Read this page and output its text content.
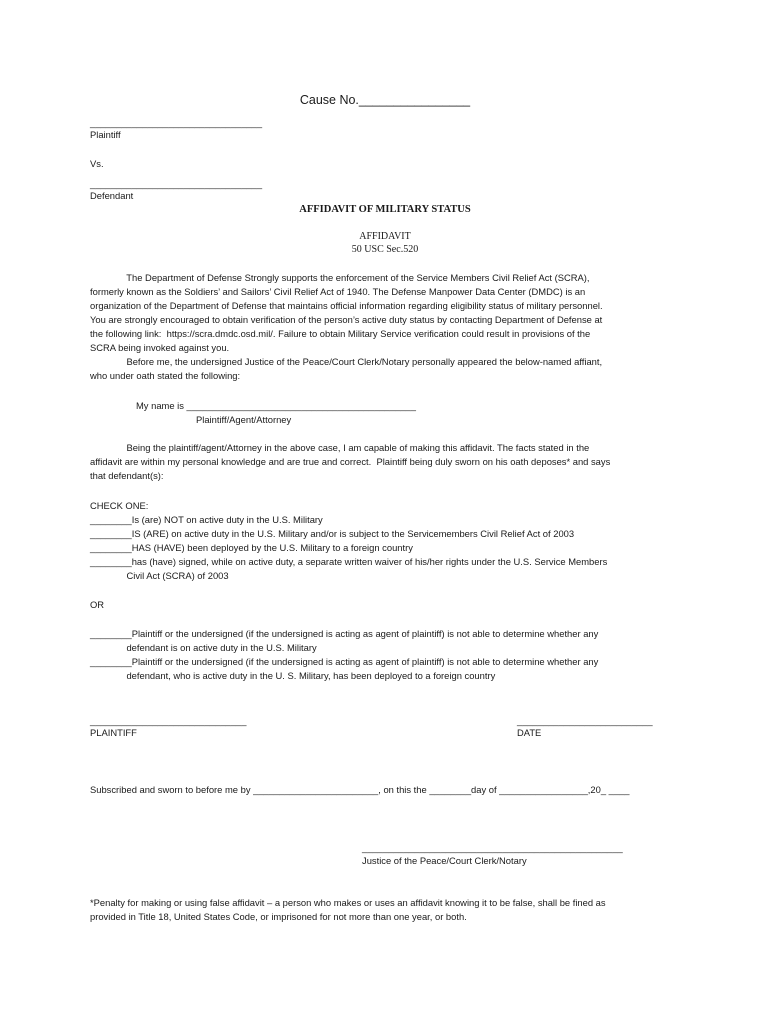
Cause No.________________
_________________________________
Plaintiff
Vs.
_________________________________
Defendant
AFFIDAVIT OF MILITARY STATUS
AFFIDAVIT
50 USC Sec.520
The Department of Defense Strongly supports the enforcement of the Service Members Civil Relief Act (SCRA),
formerly known as the Soldiers’ and Sailors’ Civil Relief Act of 1940. The Defense Manpower Data Center (DMDC) is an
organization of the Department of Defense that maintains official information regarding eligibility status of military personnel.
You are strongly encouraged to obtain verification of the person’s active duty status by contacting Department of Defense at
the following link:  https://scra.dmdc.osd.mil/. Failure to obtain Military Service verification could result in provisions of the
SCRA being invoked against you.
Before me, the undersigned Justice of the Peace/Court Clerk/Notary personally appeared the below-named affiant,
who under oath stated the following:
My name is ____________________________________________
Plaintiff/Agent/Attorney
Being the plaintiff/agent/Attorney in the above case, I am capable of making this affidavit. The facts stated in the
affidavit are within my personal knowledge and are true and correct.  Plaintiff being duly sworn on his oath deposes* and says
that defendant(s):
CHECK ONE:
________Is (are) NOT on active duty in the U.S. Military
________IS (ARE) on active duty in the U.S. Military and/or is subject to the Servicemembers Civil Relief Act of 2003
________HAS (HAVE) been deployed by the U.S. Military to a foreign country
________has (have) signed, while on active duty, a separate written waiver of his/her rights under the U.S. Service Members
Civil Act (SCRA) of 2003
OR
________Plaintiff or the undersigned (if the undersigned is acting as agent of plaintiff) is not able to determine whether any
defendant is on active duty in the U.S. Military
________Plaintiff or the undersigned (if the undersigned is acting as agent of plaintiff) is not able to determine whether any
defendant, who is active duty in the U. S. Military, has been deployed to a foreign country
______________________________
PLAINTIFF
__________________________
DATE
Subscribed and sworn to before me by ________________________, on this the ________day of _________________,20_ ____
__________________________________________________
Justice of the Peace/Court Clerk/Notary
*Penalty for making or using false affidavit – a person who makes or uses an affidavit knowing it to be false, shall be fined as
provided in Title 18, United States Code, or imprisoned for not more than one year, or both.
